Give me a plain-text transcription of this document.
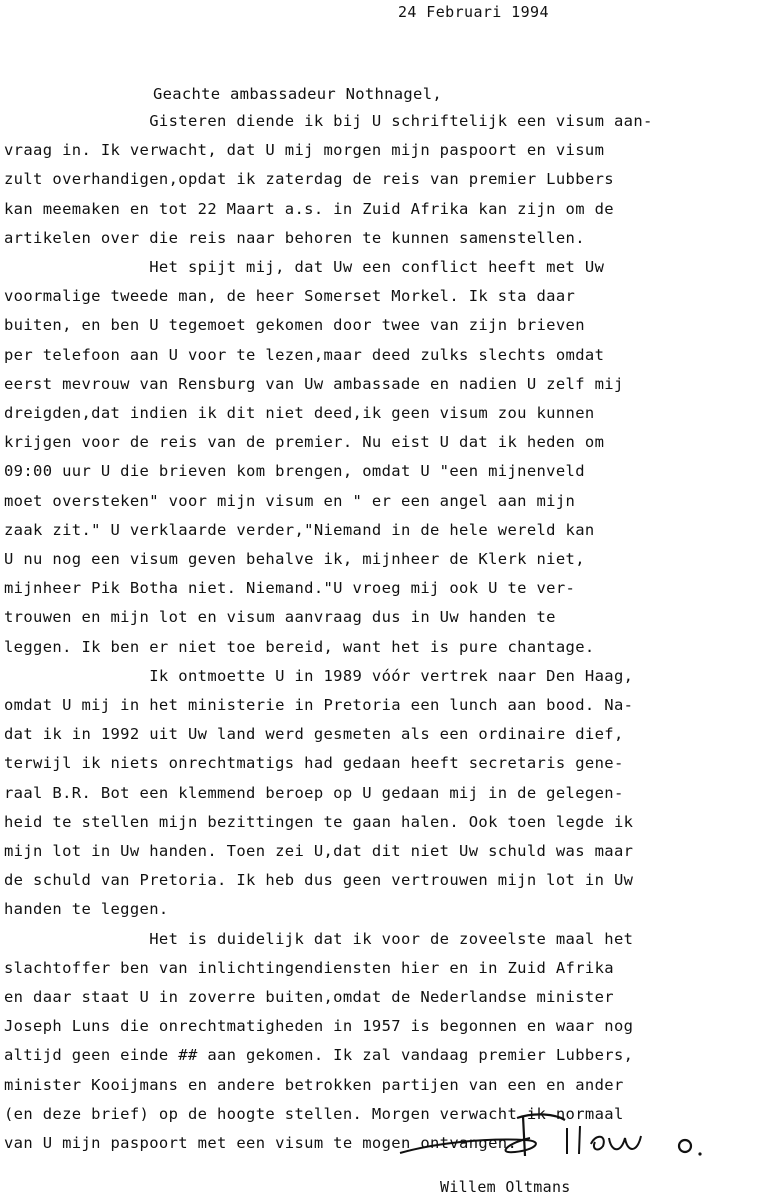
24 Februari 1994
Geachte ambassadeur Nothnagel,
Gisteren diende ik bij U schriftelijk een visum aan-
vraag in. Ik verwacht, dat U mij morgen mijn paspoort en visum
zult overhandigen,opdat ik zaterdag de reis van premier Lubbers
kan meemaken en tot 22 Maart a.s. in Zuid Afrika kan zijn om de
artikelen over die reis naar behoren te kunnen samenstellen.
Het spijt mij, dat Uw een conflict heeft met Uw
voormalige tweede man, de heer Somerset Morkel. Ik sta daar
buiten, en ben U tegemoet gekomen door twee van zijn brieven
per telefoon aan U voor te lezen,maar deed zulks slechts omdat
eerst mevrouw van Rensburg van Uw ambassade en nadien U zelf mij
dreigden,dat indien ik dit niet deed,ik geen visum zou kunnen
krijgen voor de reis van de premier. Nu eist U dat ik heden om
09:00 uur U die brieven kom brengen, omdat U "een mijnenveld
moet oversteken" voor mijn visum en " er een angel aan mijn
zaak zit." U verklaarde verder,"Niemand in de hele wereld kan
U nu nog een visum geven behalve ik, mijnheer de Klerk niet,
mijnheer Pik Botha niet. Niemand."U vroeg mij ook U te ver-
trouwen en mijn lot en visum aanvraag dus in Uw handen te
leggen. Ik ben er niet toe bereid, want het is pure chantage.
Ik ontmoette U in 1989 vóór vertrek naar Den Haag,
omdat U mij in het ministerie in Pretoria een lunch aan bood. Na-
dat ik in 1992 uit Uw land werd gesmeten als een ordinaire dief,
terwijl ik niets onrechtmatigs had gedaan heeft secretaris gene-
raal B.R. Bot een klemmend beroep op U gedaan mij in de gelegen-
heid te stellen mijn bezittingen te gaan halen. Ook toen legde ik
mijn lot in Uw handen. Toen zei U,dat dit niet Uw schuld was maar
de schuld van Pretoria. Ik heb dus geen vertrouwen mijn lot in Uw
handen te leggen.
Het is duidelijk dat ik voor de zoveelste maal het
slachtoffer ben van inlichtingendiensten hier en in Zuid Afrika
en daar staat U in zoverre buiten,omdat de Nederlandse minister
Joseph Luns die onrechtmatigheden in 1957 is begonnen en waar nog
altijd geen einde ## aan gekomen. Ik zal vandaag premier Lubbers,
minister Kooijmans en andere betrokken partijen van een en ander
(en deze brief) op de hoogte stellen. Morgen verwacht ik normaal
van U mijn paspoort met een visum te mogen ontvangen.
Willem Oltmans
